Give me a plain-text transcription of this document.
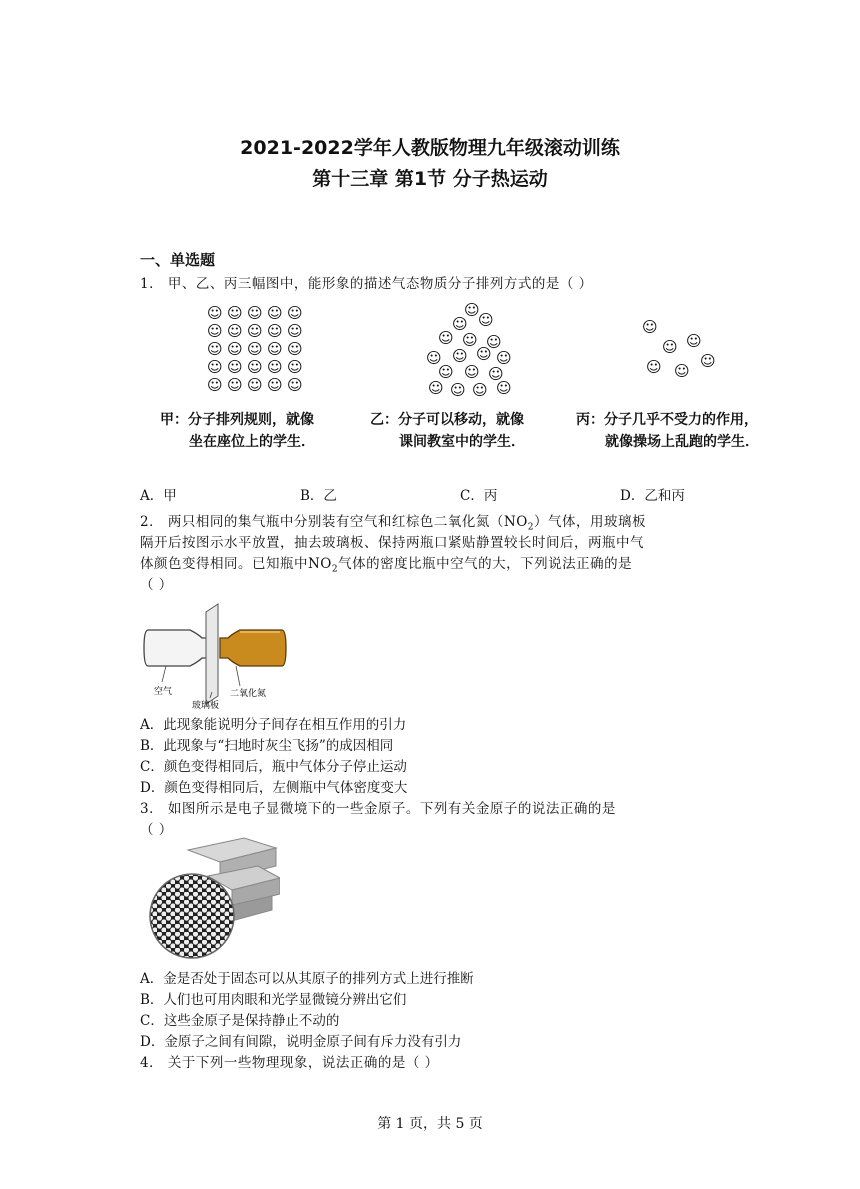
2021-2022学年人教版物理九年级滚动训练
第十三章 第1节 分子热运动
一、单选题
1． 甲、乙、丙三幅图中，能形象的描述气态物质分子排列方式的是（ ）
☺ ☺ ☺ ☺ ☺
☺ ☺ ☺ ☺ ☺
☺ ☺ ☺ ☺ ☺
☺ ☺ ☺ ☺ ☺
☺ ☺ ☺ ☺ ☺
☺
☺ ☺
☺ ☺ ☺
☺ ☺ ☺ ☺
☺ ☺ ☺
☺ ☺ ☺ ☺
☺
☺
☺
☺
☺ ☺
甲：分子排列规则，就像
坐在座位上的学生．
乙：分子可以移动，就像
课间教室中的学生．
丙：分子几乎不受力的作用，
就像操场上乱跑的学生．
A．甲	B．乙	C．丙	D．乙和丙
2． 两只相同的集气瓶中分别装有空气和红棕色二氧化氮$(NO_2)$气体，用玻璃板
隔开后按图示水平放置，抽去玻璃板、保持两瓶口紧贴静置较长时间后，两瓶中气
体颜色变得相同。已知瓶中$NO_2$气体的密度比瓶中空气的大，下列说法正确的是
（ ）
空气
玻璃板
二氧化氮
A．此现象能说明分子间存在相互作用的引力
B．此现象与“扫地时灰尘飞扬”的成因相同
C．颜色变得相同后，瓶中气体分子停止运动
D．颜色变得相同后，左侧瓶中气体密度变大
3． 如图所示是电子显微境下的一些金原子。下列有关金原子的说法正确的是
（ ）
A．金是否处于固态可以从其原子的排列方式上进行推断
B．人们也可用肉眼和光学显微镜分辨出它们
C．这些金原子是保持静止不动的
D．金原子之间有间隙，说明金原子间有斥力没有引力
4． 关于下列一些物理现象，说法正确的是（ ）
第 1 页，共 5 页
